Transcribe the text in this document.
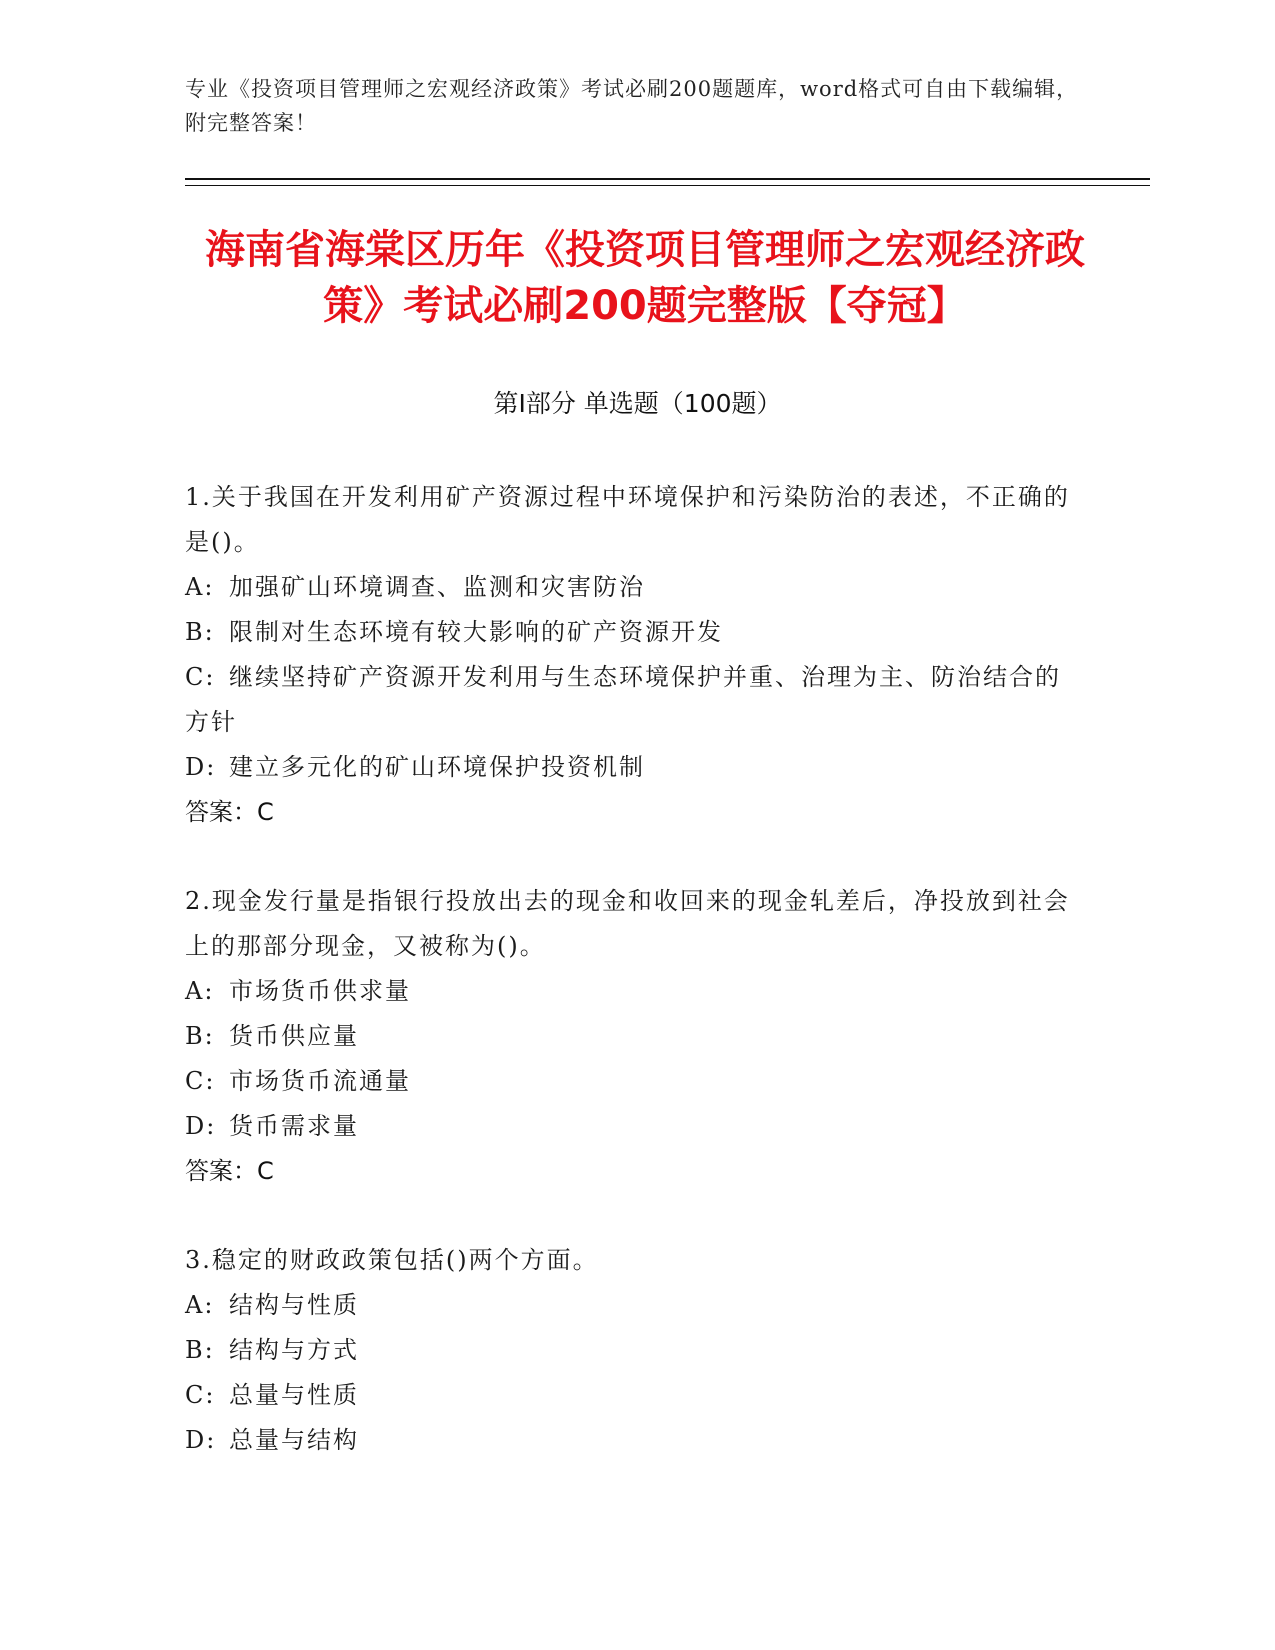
专业《投资项目管理师之宏观经济政策》考试必刷200题题库，word格式可自由下载编辑，附完整答案！
海南省海棠区历年《投资项目管理师之宏观经济政策》考试必刷200题完整版【夺冠】
第Ⅰ部分 单选题（100题）
1.关于我国在开发利用矿产资源过程中环境保护和污染防治的表述，不正确的是()。
A: 加强矿山环境调查、监测和灾害防治
B: 限制对生态环境有较大影响的矿产资源开发
C: 继续坚持矿产资源开发利用与生态环境保护并重、治理为主、防治结合的方针
D: 建立多元化的矿山环境保护投资机制
答案：C
2.现金发行量是指银行投放出去的现金和收回来的现金轧差后，净投放到社会上的那部分现金，又被称为()。
A: 市场货币供求量
B: 货币供应量
C: 市场货币流通量
D: 货币需求量
答案：C
3.稳定的财政政策包括()两个方面。
A: 结构与性质
B: 结构与方式
C: 总量与性质
D: 总量与结构
